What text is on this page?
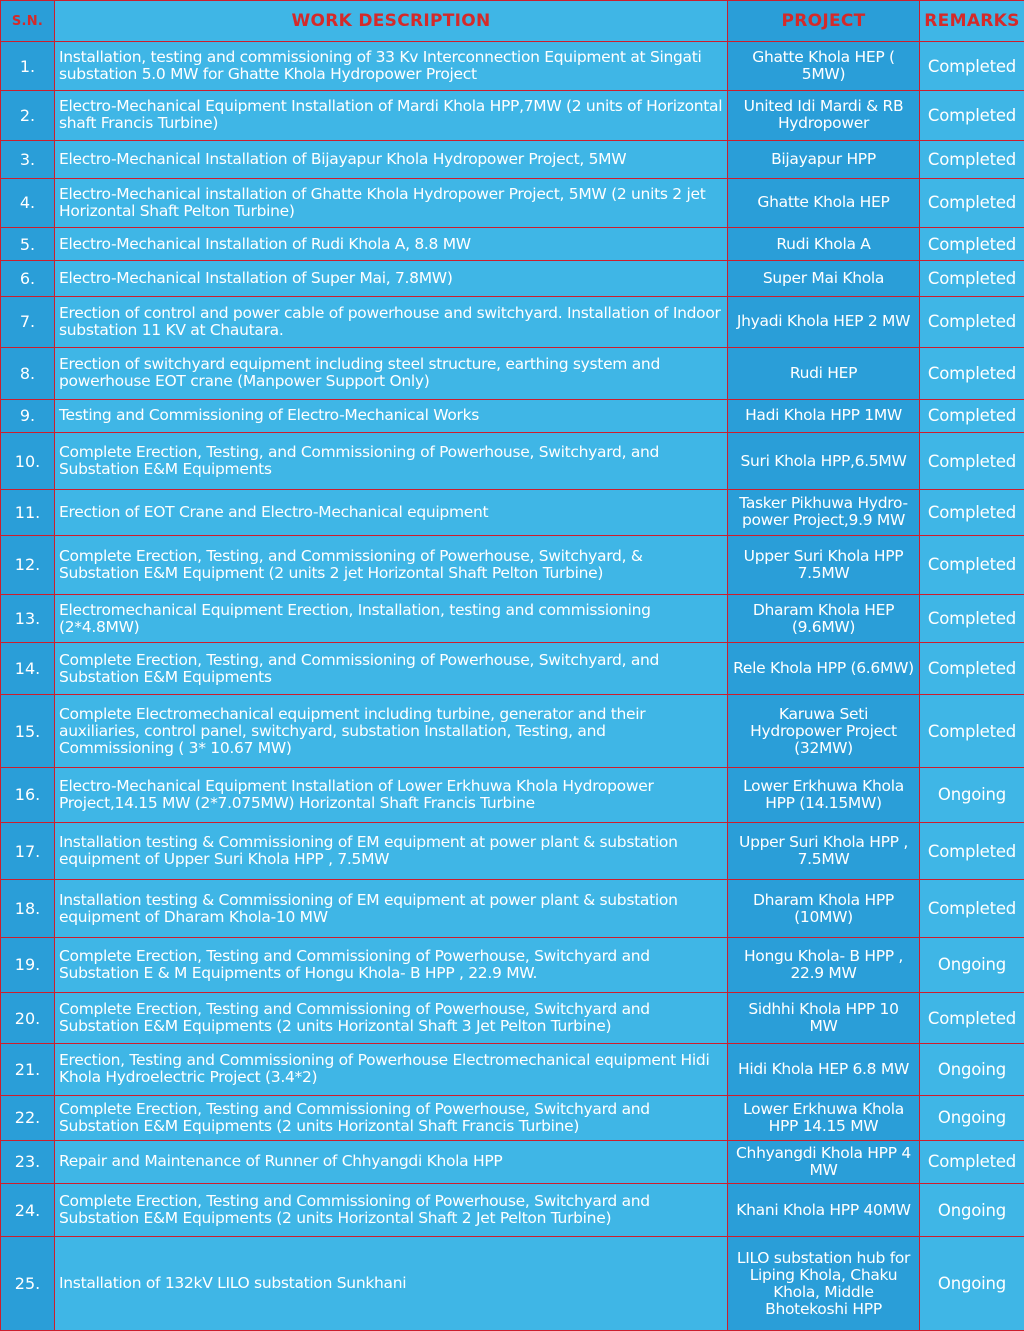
S.N.	WORK DESCRIPTION	PROJECT	REMARKS
1.	Installation, testing and commissioning of 33 Kv Interconnection Equipment at Singati substation 5.0 MW for Ghatte Khola Hydropower Project	Ghatte Khola HEP ( 5MW)	Completed
2.	Electro-Mechanical Equipment Installation of Mardi Khola HPP,7MW (2 units of Horizontal shaft Francis Turbine)	United Idi Mardi & RB Hydropower	Completed
3.	Electro-Mechanical Installation of Bijayapur Khola Hydropower Project, 5MW	Bijayapur HPP	Completed
4.	Electro-Mechanical installation of Ghatte Khola Hydropower Project, 5MW (2 units 2 jet Horizontal Shaft Pelton Turbine)	Ghatte Khola HEP	Completed
5.	Electro-Mechanical Installation of Rudi Khola A, 8.8 MW	Rudi Khola A	Completed
6.	Electro-Mechanical Installation of Super Mai, 7.8MW)	Super Mai Khola	Completed
7.	Erection of control and power cable of powerhouse and switchyard. Installation of Indoor substation 11 KV at Chautara.	Jhyadi Khola HEP 2 MW	Completed
8.	Erection of switchyard equipment including steel structure, earthing system and powerhouse EOT crane (Manpower Support Only)	Rudi HEP	Completed
9.	Testing and Commissioning of Electro-Mechanical Works	Hadi Khola HPP 1MW	Completed
10.	Complete Erection, Testing, and Commissioning of Powerhouse, Switchyard, and Substation E&M Equipments	Suri Khola HPP,6.5MW	Completed
11.	Erection of EOT Crane and Electro-Mechanical equipment	Tasker Pikhuwa Hydro-power Project,9.9 MW	Completed
12.	Complete Erection, Testing, and Commissioning of Powerhouse, Switchyard, & Substation E&M Equipment (2 units 2 jet Horizontal Shaft Pelton Turbine)	Upper Suri Khola HPP 7.5MW	Completed
13.	Electromechanical Equipment Erection, Installation, testing and commissioning (2*4.8MW)	Dharam Khola HEP (9.6MW)	Completed
14.	Complete Erection, Testing, and Commissioning of Powerhouse, Switchyard, and Substation E&M Equipments	Rele Khola HPP (6.6MW)	Completed
15.	Complete Electromechanical equipment including turbine, generator and their auxiliaries, control panel, switchyard, substation Installation, Testing, and Commissioning ( 3* 10.67 MW)	Karuwa Seti Hydropower Project (32MW)	Completed
16.	Electro-Mechanical Equipment Installation of Lower Erkhuwa Khola Hydropower Project,14.15 MW (2*7.075MW) Horizontal Shaft Francis Turbine	Lower Erkhuwa Khola HPP (14.15MW)	Ongoing
17.	Installation testing & Commissioning of EM equipment at power plant & substation equipment of Upper Suri Khola HPP , 7.5MW	Upper Suri Khola HPP , 7.5MW	Completed
18.	Installation testing & Commissioning of EM equipment at power plant & substation equipment of Dharam Khola-10 MW	Dharam Khola HPP (10MW)	Completed
19.	Complete Erection, Testing and Commissioning of Powerhouse, Switchyard and Substation E & M Equipments of Hongu Khola- B HPP , 22.9 MW.	Hongu Khola- B HPP , 22.9 MW	Ongoing
20.	Complete Erection, Testing and Commissioning of Powerhouse, Switchyard and Substation E&M Equipments (2 units Horizontal Shaft 3 Jet Pelton Turbine)	Sidhhi Khola HPP 10 MW	Completed
21.	Erection, Testing and Commissioning of Powerhouse Electromechanical equipment Hidi Khola Hydroelectric Project (3.4*2)	Hidi Khola HEP 6.8 MW	Ongoing
22.	Complete Erection, Testing and Commissioning of Powerhouse, Switchyard and Substation E&M Equipments (2 units Horizontal Shaft Francis Turbine)	Lower Erkhuwa Khola HPP 14.15 MW	Ongoing
23.	Repair and Maintenance of Runner of Chhyangdi Khola HPP	Chhyangdi Khola HPP 4 MW	Completed
24.	Complete Erection, Testing and Commissioning of Powerhouse, Switchyard and Substation E&M Equipments (2 units Horizontal Shaft 2 Jet Pelton Turbine)	Khani Khola HPP 40MW	Ongoing
25.	Installation of 132kV LILO substation Sunkhani	LILO substation hub for Liping Khola, Chaku Khola, Middle Bhotekoshi HPP	Ongoing
